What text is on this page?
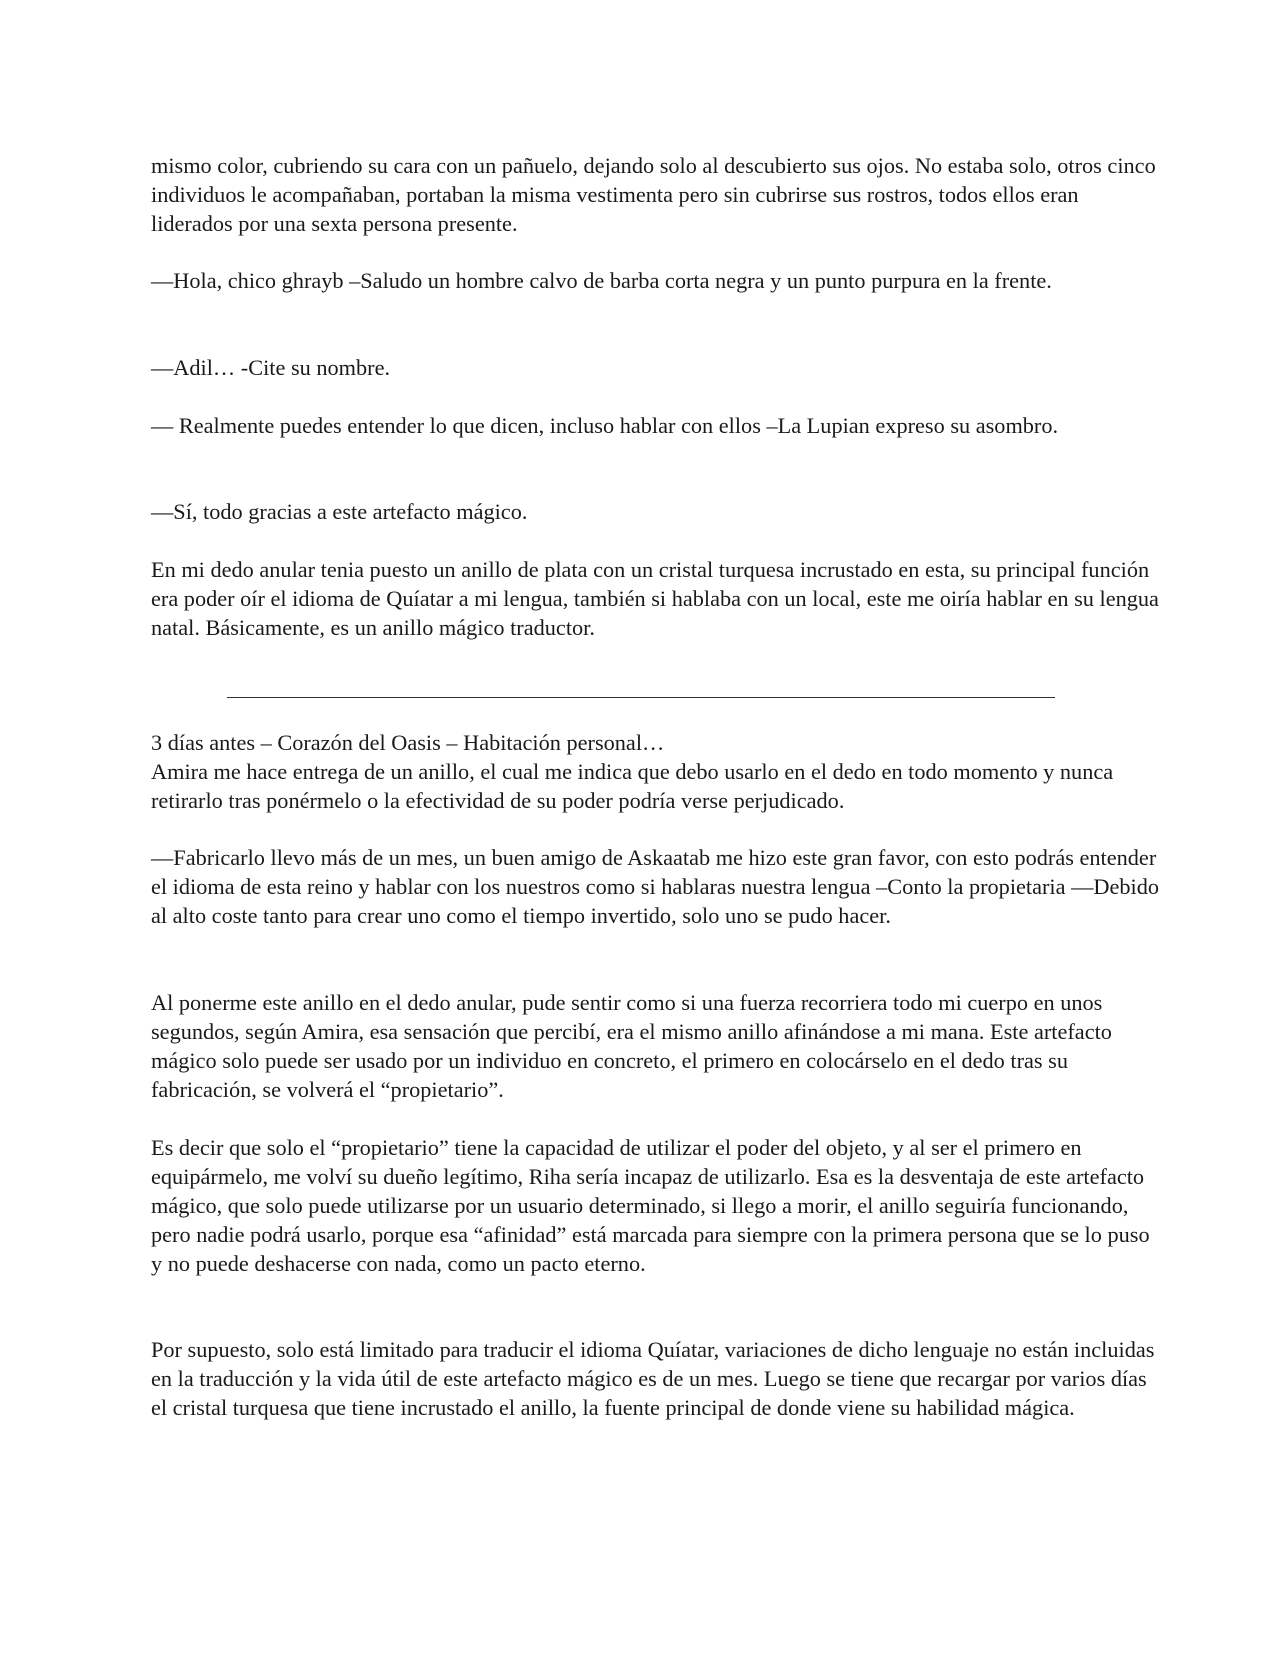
mismo color, cubriendo su cara con un pañuelo, dejando solo al descubierto sus ojos. No estaba solo, otros cinco individuos le acompañaban, portaban la misma vestimenta pero sin cubrirse sus rostros, todos ellos eran liderados por una sexta persona presente.

—Hola, chico ghrayb –Saludo un hombre calvo de barba corta negra y un punto purpura en la frente.

—Adil… -Cite su nombre.

— Realmente puedes entender lo que dicen, incluso hablar con ellos –La Lupian expreso su asombro.

—Sí, todo gracias a este artefacto mágico.

En mi dedo anular tenia puesto un anillo de plata con un cristal turquesa incrustado en esta, su principal función era poder oír el idioma de Quíatar a mi lengua, también si hablaba con un local, este me oiría hablar en su lengua natal. Básicamente, es un anillo mágico traductor.

3 días antes – Corazón del Oasis – Habitación personal…
Amira me hace entrega de un anillo, el cual me indica que debo usarlo en el dedo en todo momento y nunca retirarlo tras ponérmelo o la efectividad de su poder podría verse perjudicado.

—Fabricarlo llevo más de un mes, un buen amigo de Askaatab me hizo este gran favor, con esto podrás entender el idioma de esta reino y hablar con los nuestros como si hablaras nuestra lengua –Conto la propietaria —Debido al alto coste tanto para crear uno como el tiempo invertido, solo uno se pudo hacer.

Al ponerme este anillo en el dedo anular, pude sentir como si una fuerza recorriera todo mi cuerpo en unos segundos, según Amira, esa sensación que percibí, era el mismo anillo afinándose a mi mana. Este artefacto mágico solo puede ser usado por un individuo en concreto, el primero en colocárselo en el dedo tras su fabricación, se volverá el “propietario”.

Es decir que solo el “propietario” tiene la capacidad de utilizar el poder del objeto, y al ser el primero en equipármelo, me volví su dueño legítimo, Riha sería incapaz de utilizarlo. Esa es la desventaja de este artefacto mágico, que solo puede utilizarse por un usuario determinado, si llego a morir, el anillo seguiría funcionando, pero nadie podrá usarlo, porque esa “afinidad” está marcada para siempre con la primera persona que se lo puso y no puede deshacerse con nada, como un pacto eterno.

Por supuesto, solo está limitado para traducir el idioma Quíatar, variaciones de dicho lenguaje no están incluidas en la traducción y la vida útil de este artefacto mágico es de un mes. Luego se tiene que recargar por varios días el cristal turquesa que tiene incrustado el anillo, la fuente principal de donde viene su habilidad mágica.
